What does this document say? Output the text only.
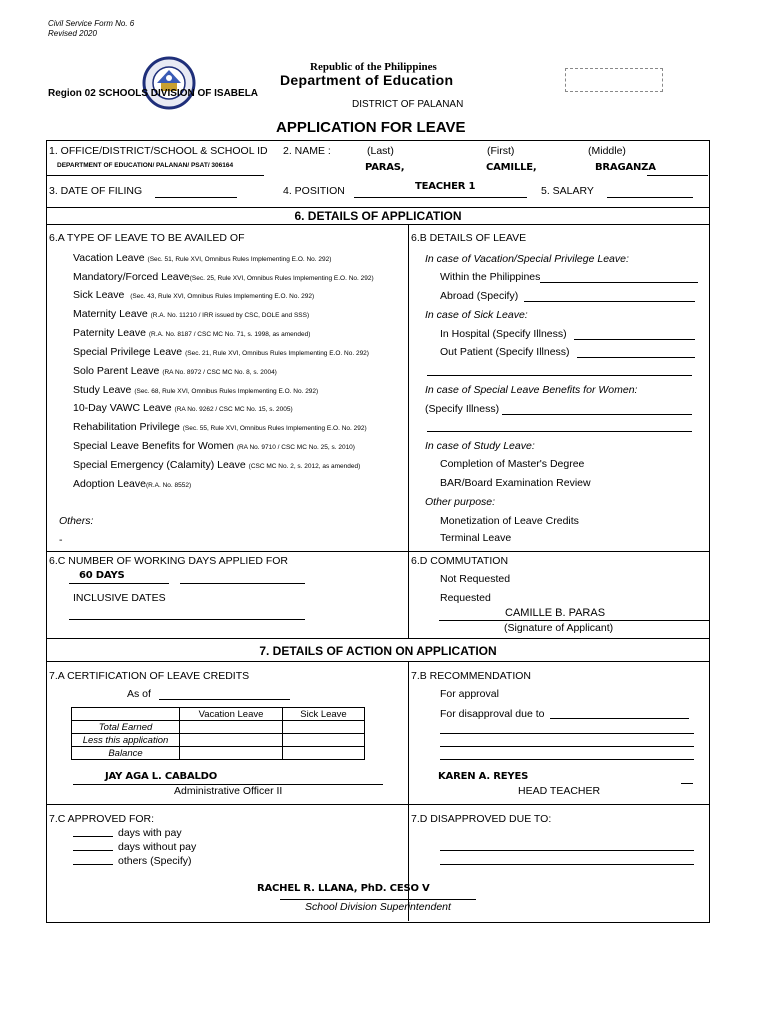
Civil Service Form No. 6
Revised 2020
Republic of the Philippines
Department of Education
Region 02 SCHOOLS DIVISION OF ISABELA
DISTRICT OF PALANAN
APPLICATION FOR LEAVE
1. OFFICE/DISTRICT/SCHOOL & SCHOOL ID 2. NAME :	(Last)	(First)	(Middle)
DEPARTMENT OF EDUCATION/ PALANAN/ PSAT/ 306164	PARAS,	CAMILLE,	BRAGANZA
3. DATE OF FILING	4. POSITION	TEACHER 1	5. SALARY
6. DETAILS OF APPLICATION
6.A TYPE OF LEAVE TO BE AVAILED OF
Vacation Leave (Sec. 51, Rule XVI, Omnibus Rules Implementing E.O. No. 292)
Mandatory/Forced Leave(Sec. 25, Rule XVI, Omnibus Rules Implementing E.O. No. 292)
Sick Leave (Sec. 43, Rule XVI, Omnibus Rules Implementing E.O. No. 292)
Maternity Leave (R.A. No. 11210 / IRR issued by CSC, DOLE and SSS)
Paternity Leave (R.A. No. 8187 / CSC MC No. 71, s. 1998, as amended)
Special Privilege Leave (Sec. 21, Rule XVI, Omnibus Rules Implementing E.O. No. 292)
Solo Parent Leave (RA No. 8972 / CSC MC No. 8, s. 2004)
Study Leave (Sec. 68, Rule XVI, Omnibus Rules Implementing E.O. No. 292)
10-Day VAWC Leave (RA No. 9262 / CSC MC No. 15, s. 2005)
Rehabilitation Privilege (Sec. 55, Rule XVI, Omnibus Rules Implementing E.O. No. 292)
Special Leave Benefits for Women (RA No. 9710 / CSC MC No. 25, s. 2010)
Special Emergency (Calamity) Leave (CSC MC No. 2, s. 2012, as amended)
Adoption Leave(R.A. No. 8552)
Others:
-
6.B DETAILS OF LEAVE
In case of Vacation/Special Privilege Leave:
Within the Philippines
Abroad (Specify)
In case of Sick Leave:
In Hospital (Specify Illness)
Out Patient (Specify Illness)
In case of Special Leave Benefits for Women:
(Specify Illness)
In case of Study Leave:
Completion of Master's Degree
BAR/Board Examination Review
Other purpose:
Monetization of Leave Credits
Terminal Leave
6.C NUMBER OF WORKING DAYS APPLIED FOR
60 DAYS
INCLUSIVE DATES
6.D COMMUTATION
Not Requested
Requested
CAMILLE B. PARAS
(Signature of Applicant)
7. DETAILS OF ACTION ON APPLICATION
7.A CERTIFICATION OF LEAVE CREDITS
As of
	Vacation Leave	Sick Leave
Total Earned		
Less this application		
Balance		
JAY AGA L. CABALDO
Administrative Officer II
7.B RECOMMENDATION
For approval
For disapproval due to
KAREN A. REYES
HEAD TEACHER
7.C APPROVED FOR:
days with pay
days without pay
others (Specify)
7.D DISAPPROVED DUE TO:
RACHEL R. LLANA, PhD. CESO V
School Division Superintendent
